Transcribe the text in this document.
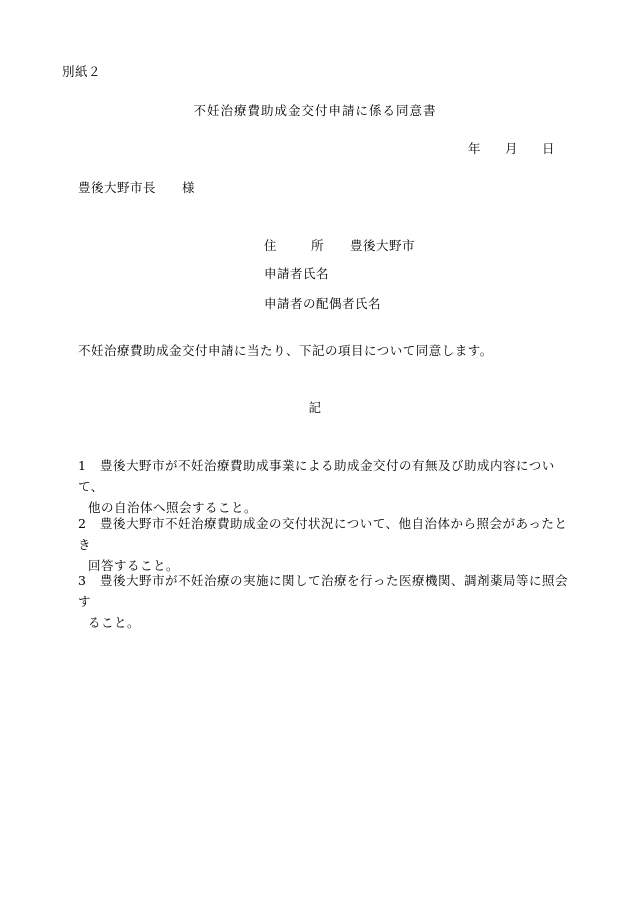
別紙２
不妊治療費助成金交付申請に係る同意書
年 月 日
豊後大野市長 様
住	所 豊後大野市
申請者氏名
申請者の配偶者氏名
不妊治療費助成金交付申請に当たり、下記の項目について同意します。
記
1 豊後大野市が不妊治療費助成事業による助成金交付の有無及び助成内容について、
他の自治体へ照会すること。
2 豊後大野市不妊治療費助成金の交付状況について、他自治体から照会があったとき
回答すること。
3 豊後大野市が不妊治療の実施に関して治療を行った医療機関、調剤薬局等に照会す
ること。
